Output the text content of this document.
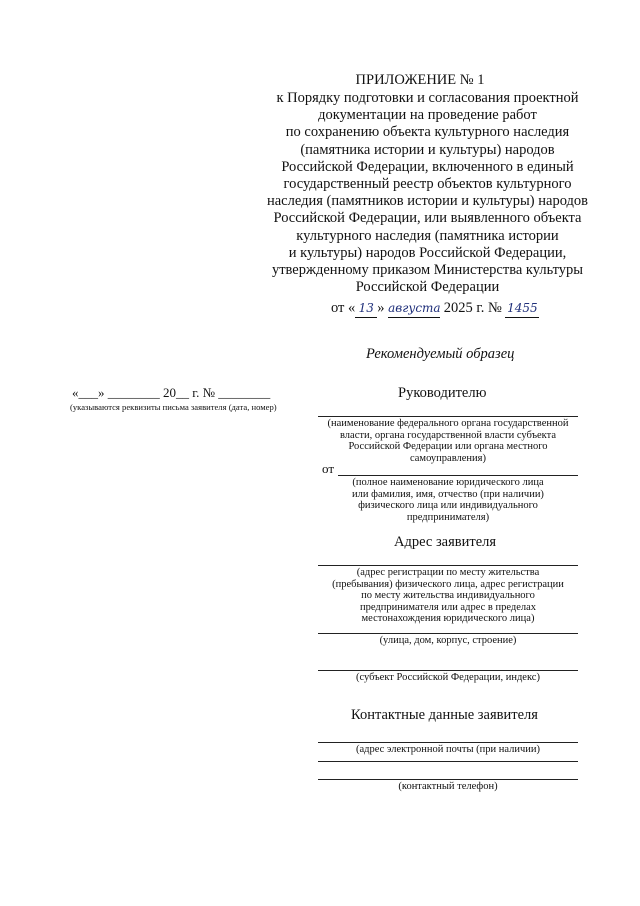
ПРИЛОЖЕНИЕ № 1
к Порядку подготовки и согласования проектной
документации на проведение работ
по сохранению объекта культурного наследия
(памятника истории и культуры) народов
Российской Федерации, включенного в единый
государственный реестр объектов культурного
наследия (памятников истории и культуры) народов
Российской Федерации, или выявленного объекта
культурного наследия (памятника истории
и культуры) народов Российской Федерации,
утвержденному приказом Министерства культуры
Российской Федерации
от « 13 » августа 2025 г. № 1455
Рекомендуемый образец
«___» ________ 20__ г. № ________
(указываются реквизиты письма заявителя (дата, номер)
Руководителю
(наименование федерального органа государственной
власти, органа государственной власти субъекта
Российской Федерации или органа местного
самоуправления)
от
(полное наименование юридического лица
или фамилия, имя, отчество (при наличии)
физического лица или индивидуального
предпринимателя)
Адрес заявителя
(адрес регистрации по месту жительства
(пребывания) физического лица, адрес регистрации
по месту жительства индивидуального
предпринимателя или адрес в пределах
местонахождения юридического лица)
(улица, дом, корпус, строение)
(субъект Российской Федерации, индекс)
Контактные данные заявителя
(адрес электронной почты (при наличии)
(контактный телефон)
